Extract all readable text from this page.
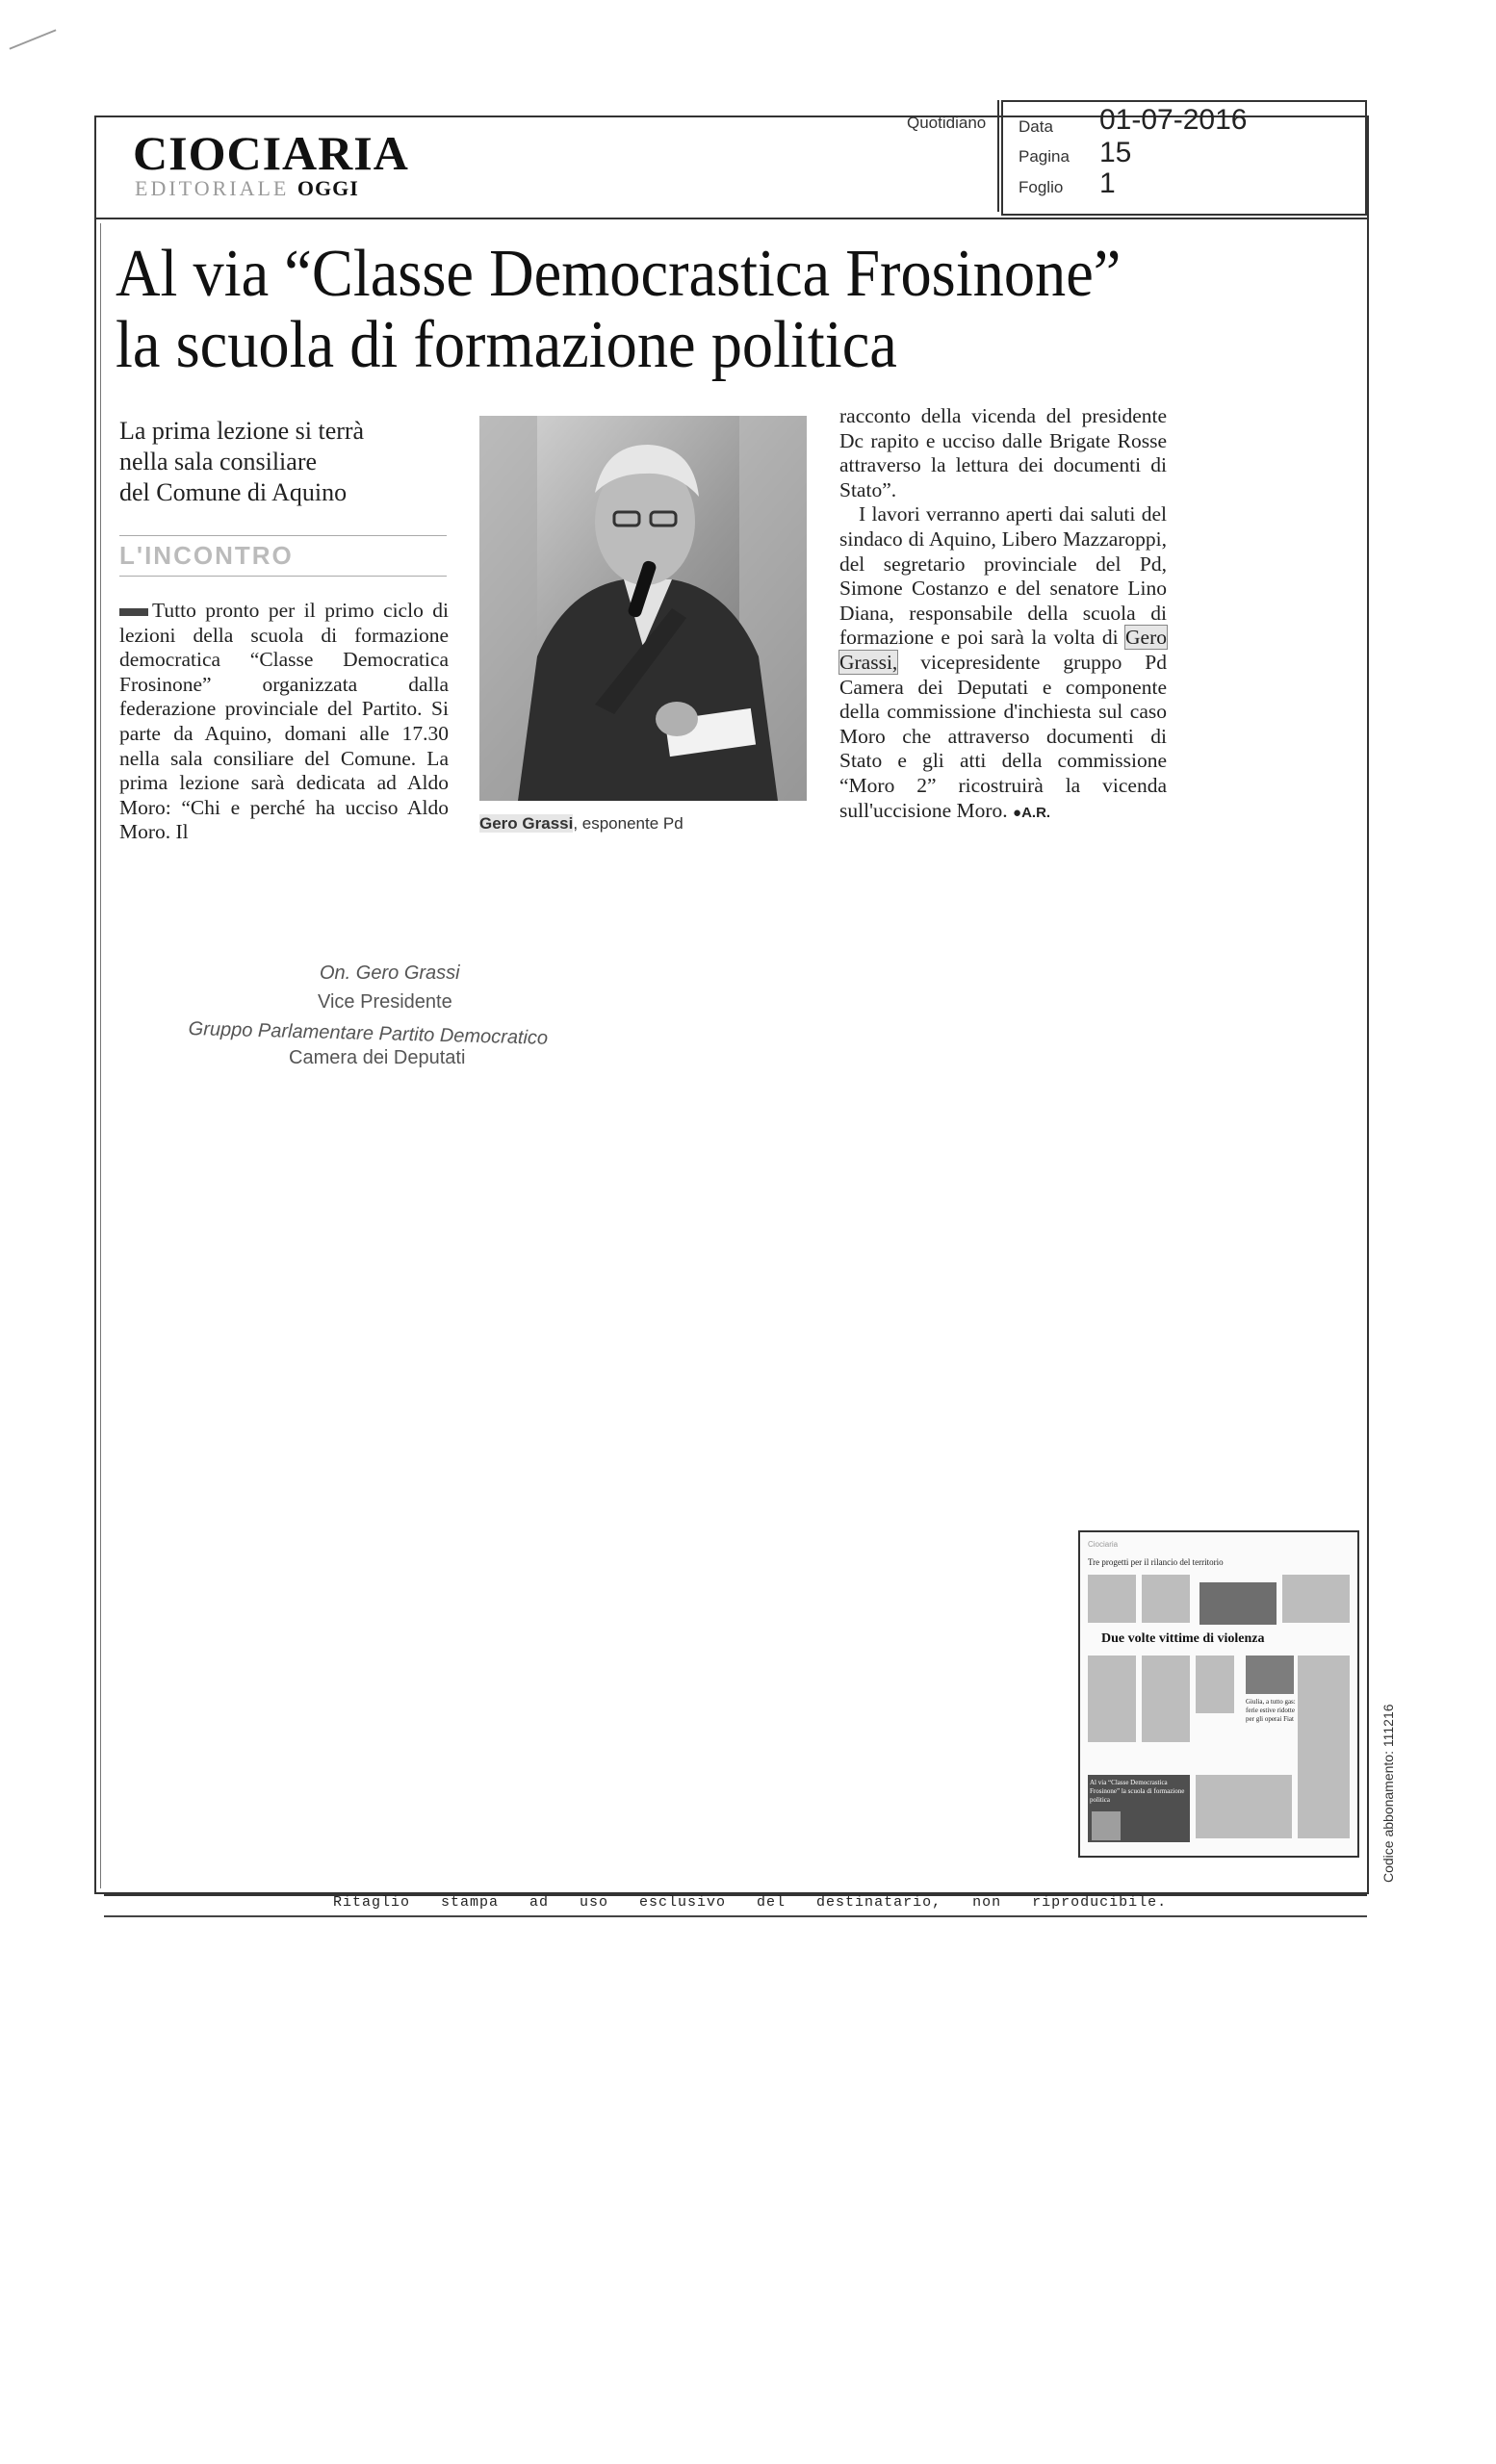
CIOCIARIA
EDITORIALE OGGI
Quotidiano Data 01-07-2016
Pagina 15
Foglio 1
Al via “Classe Democrastica Frosinone”
la scuola di formazione politica
La prima lezione si terrà
nella sala consiliare
del Comune di Aquino
L'INCONTRO
Tutto pronto per il primo ciclo di lezioni della scuola di formazione democratica “Classe Democratica Frosinone” organizzata dalla federazione provinciale del Partito. Si parte da Aquino, domani alle 17.30 nella sala consiliare del Comune. La prima lezione sarà dedicata ad Aldo Moro: “Chi e perché ha ucciso Aldo Moro. Il	Gero Grassi, esponente Pd
racconto della vicenda del presidente Dc rapito e ucciso dalle Brigate Rosse attraverso la lettura dei documenti di Stato”.
I lavori verranno aperti dai saluti del sindaco di Aquino, Libero Mazzaroppi, del segretario provinciale del Pd, Simone Costanzo e del senatore Lino Diana, responsabile della scuola di formazione e poi sarà la volta di Gero Grassi, vicepresidente gruppo Pd Camera dei Deputati e componente della commissione d'inchiesta sul caso Moro che attraverso documenti di Stato e gli atti della commissione “Moro 2” ricostruirà la vicenda sull'uccisione Moro. ●A.R.
On. Gero Grassi
Vice Presidente
Gruppo Parlamentare Partito Democratico
Camera dei Deputati
Ciociaria
Tre progetti per il rilancio del territorio
Due volte vittime di violenza
Giulia, a tutto gas: ferie estive ridotte per gli operai Fiat
Al via “Classe Democrastica Frosinone” la scuola di formazione politica	Codice abbonamento: 111216
Ritaglio stampa ad uso esclusivo del destinatario, non riproducibile.
